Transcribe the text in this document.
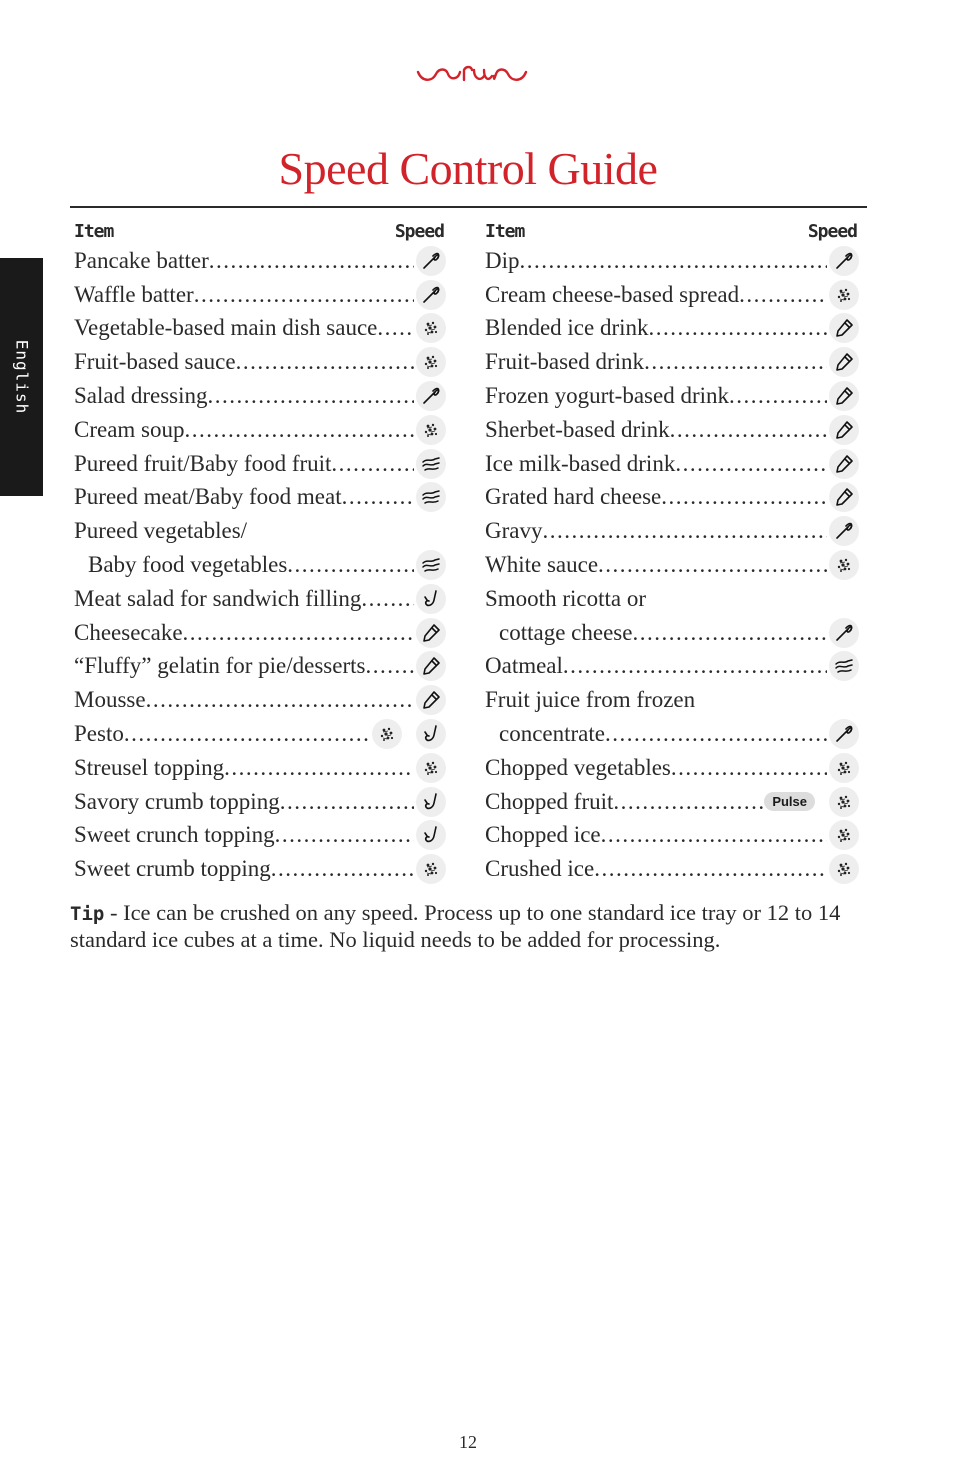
English
Speed Control Guide
Item	Speed
Pancake batter
.....
Waffle batter
.....
Vegetable-based main dish sauce
.....
Fruit-based sauce
.....
Salad dressing
.....
Cream soup
.....
Pureed fruit/Baby food fruit
.....
Pureed meat/Baby food meat
.....
Pureed vegetables/
Baby food vegetables
.....
Meat salad for sandwich filling
.....
Cheesecake
.....
“Fluffy” gelatin for pie/desserts
.....
Mousse
.....
Pesto
.....
Streusel topping
.....
Savory crumb topping
.....
Sweet crunch topping
.....
Sweet crumb topping
.....
Item	Speed
Dip
.....
Cream cheese-based spread
.....
Blended ice drink
.....
Fruit-based drink
.....
Frozen yogurt-based drink
.....
Sherbet-based drink
.....
Ice milk-based drink
.....
Grated hard cheese
.....
Gravy
.....
White sauce
.....
Smooth ricotta or
cottage cheese
.....
Oatmeal
.....
Fruit juice from frozen
concentrate
.....
Chopped vegetables
.....
Chopped fruit
.....	Pulse
Chopped ice
.....
Crushed ice
.....
Tip - Ice can be crushed on any speed. Process up to one standard ice tray or 12 to 14 standard ice cubes at a time. No liquid needs to be added for processing.
12
